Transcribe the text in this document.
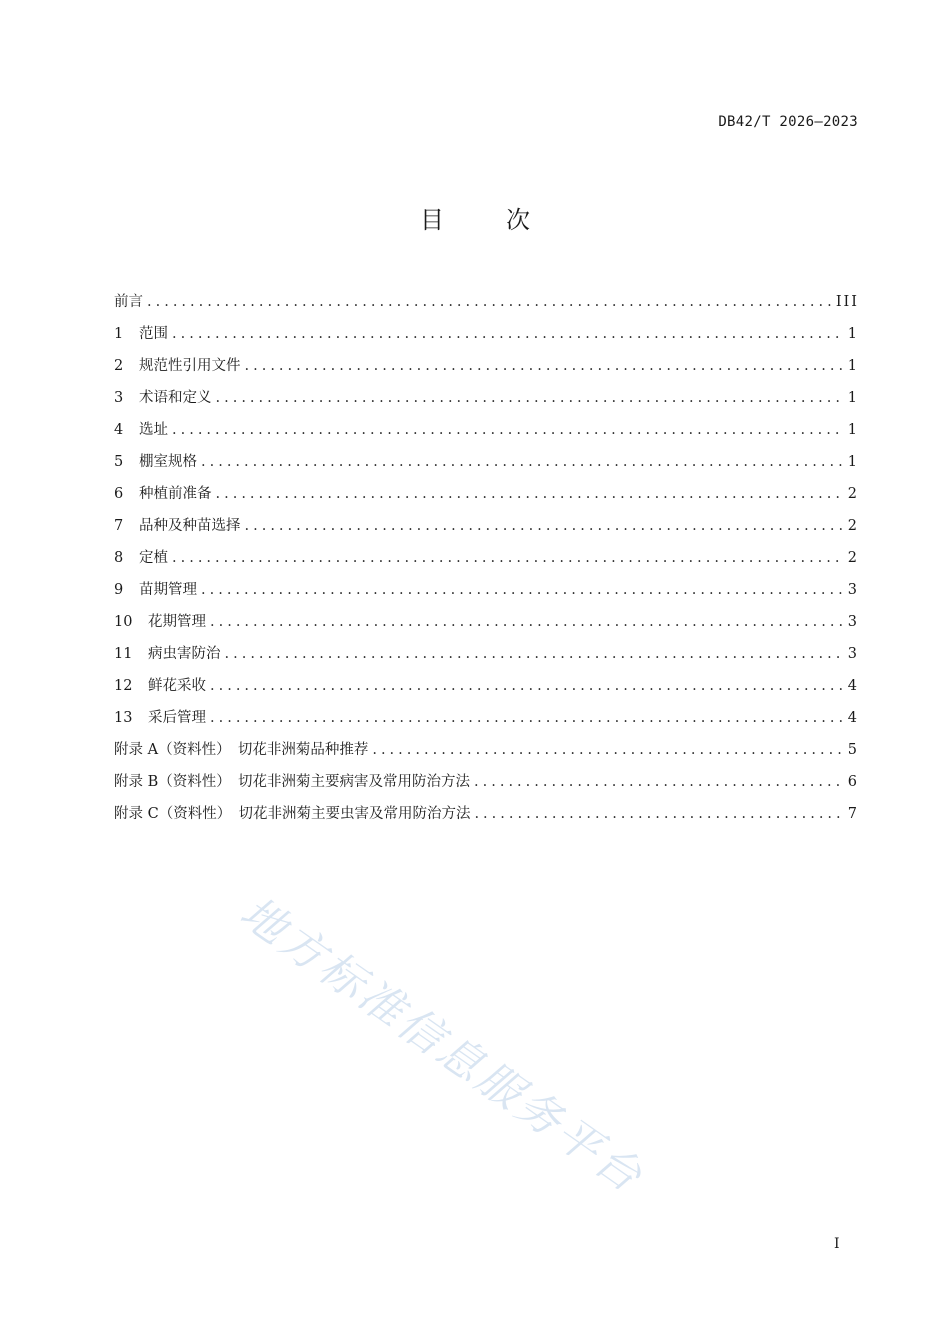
DB42/T 2026—2023
目	次
前言 .....	III
1 范围 .....	1
2 规范性引用文件 .....	1
3 术语和定义 .....	1
4 选址 .....	1
5 棚室规格 .....	1
6 种植前准备 .....	2
7 品种及种苗选择 .....	2
8 定植 .....	2
9 苗期管理 .....	3
10 花期管理 .....	3
11 病虫害防治 .....	3
12 鲜花采收 .....	4
13 采后管理 .....	4
附录 A（资料性）　切花非洲菊品种推荐 .....	5
附录 B（资料性）　切花非洲菊主要病害及常用防治方法 .....	6
附录 C（资料性）　切花非洲菊主要虫害及常用防治方法 .....	7
地方标准信息服务平台
I
